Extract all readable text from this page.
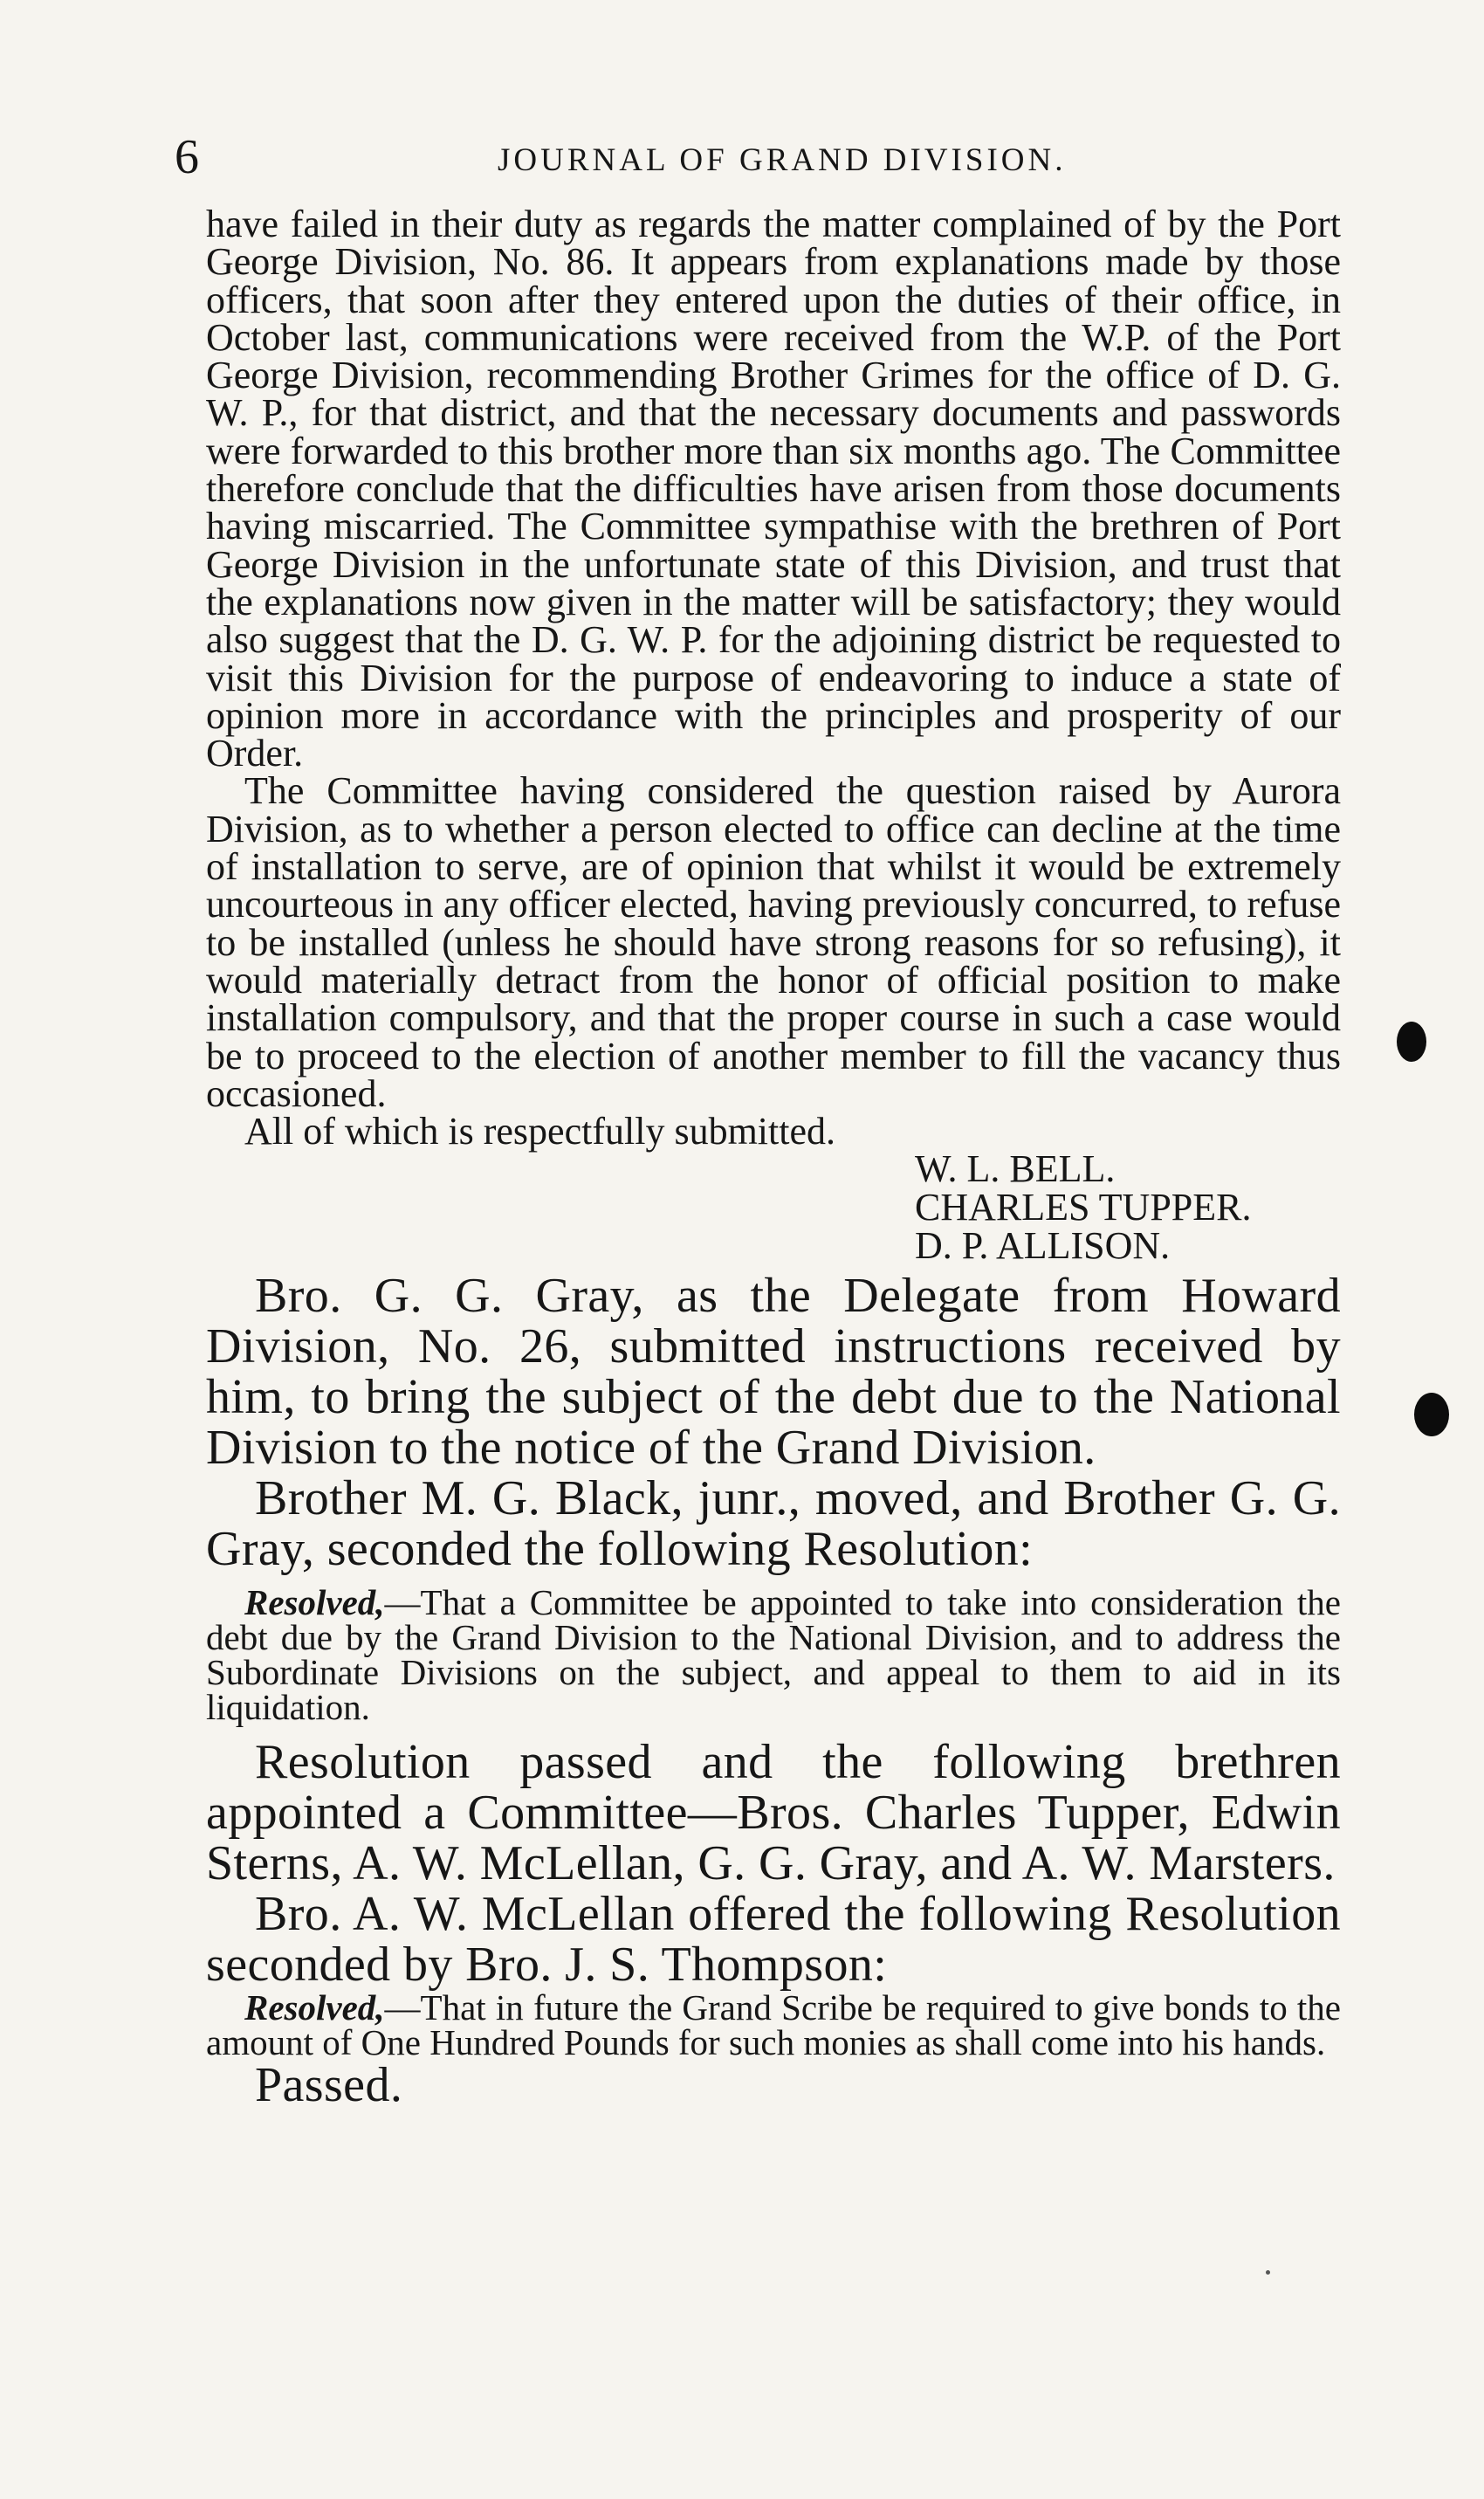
6	JOURNAL OF GRAND DIVISION.

have failed in their duty as regards the matter complained of by the Port George Division, No. 86. It appears from explanations made by those officers, that soon after they entered upon the duties of their office, in October last, communications were received from the W.P. of the Port George Division, recommending Brother Grimes for the office of D. G. W. P., for that district, and that the necessary documents and passwords were forwarded to this brother more than six months ago. The Committee therefore conclude that the difficulties have arisen from those documents having miscarried. The Committee sympathise with the brethren of Port George Division in the unfortunate state of this Division, and trust that the explanations now given in the matter will be satisfactory; they would also suggest that the D. G. W. P. for the adjoining district be requested to visit this Division for the purpose of endeavoring to induce a state of opinion more in accordance with the principles and prosperity of our Order.

The Committee having considered the question raised by Aurora Division, as to whether a person elected to office can decline at the time of installation to serve, are of opinion that whilst it would be extremely uncourteous in any officer elected, having previously concurred, to refuse to be installed (unless he should have strong reasons for so refusing), it would materially detract from the honor of official position to make installation compulsory, and that the proper course in such a case would be to proceed to the election of another member to fill the vacancy thus occasioned.

All of which is respectfully submitted.

W. L. BELL.
CHARLES TUPPER.
D. P. ALLISON.

Bro. G. G. Gray, as the Delegate from Howard Division, No. 26, submitted instructions received by him, to bring the subject of the debt due to the National Division to the notice of the Grand Division.

Brother M. G. Black, junr., moved, and Brother G. G. Gray, seconded the following Resolution:

Resolved,—That a Committee be appointed to take into consideration the debt due by the Grand Division to the National Division, and to address the Subordinate Divisions on the subject, and appeal to them to aid in its liquidation.

Resolution passed and the following brethren appointed a Committee—Bros. Charles Tupper, Edwin Sterns, A. W. McLellan, G. G. Gray, and A. W. Marsters.

Bro. A. W. McLellan offered the following Resolution seconded by Bro. J. S. Thompson:

Resolved,—That in future the Grand Scribe be required to give bonds to the amount of One Hundred Pounds for such monies as shall come into his hands.

Passed.
